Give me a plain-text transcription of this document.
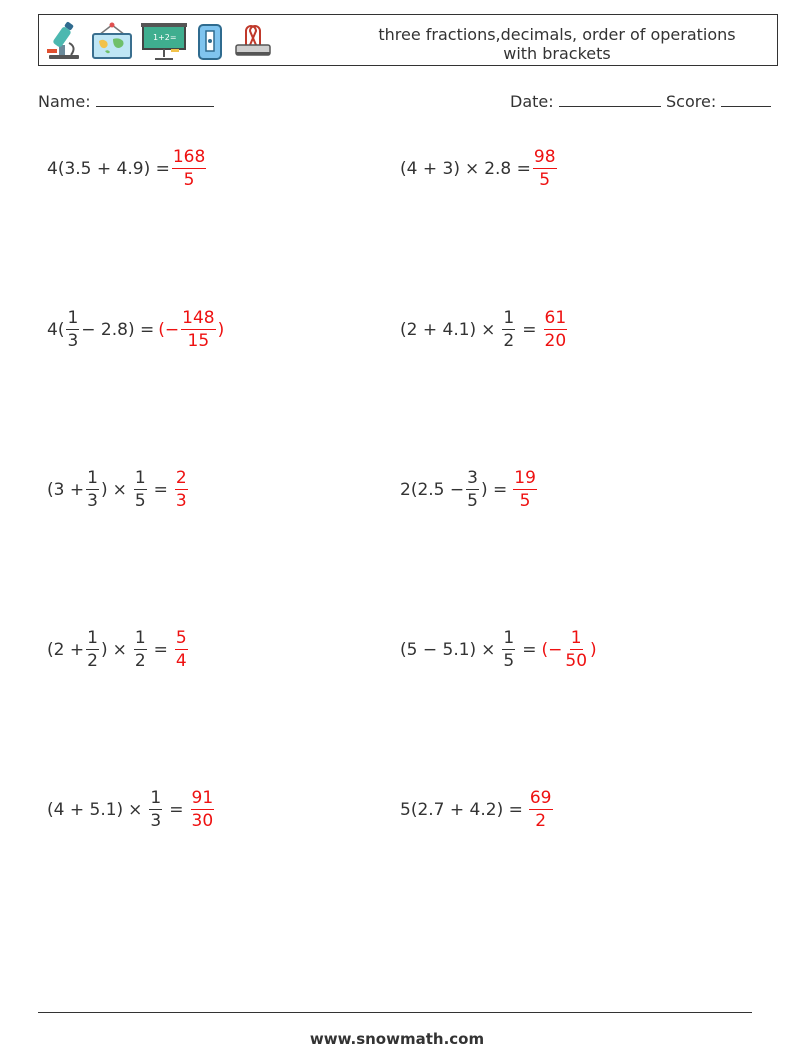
1+2=	three fractions,decimals, order of operations
with brackets
Name:	Date:	Score:
$4(3.5 + 4.9) = \frac{168}{5}$	$(4 + 3) \times 2.8 = \frac{98}{5}$
$4( \frac{1}{3} - 2.8)$ = (− $\frac{148}{15}$ )	$(2 + 4.1) \times \frac{1}{2} = \frac{61}{20}$
($3 + \frac{1}{3}$ ) × $\frac{1}{5} = \frac{2}{3}$	$2(2.5 - \frac{3}{5}$ ) = $\frac{19}{5}$
($2 + \frac{1}{2}$ ) × $\frac{1}{2} = \frac{5}{4}$	$(5 - 5.1) \times \frac{1}{5}$ = (− $\frac{1}{50}$ )
$(4 + 5.1) \times \frac{1}{3} = \frac{91}{30}$	$5(2.7 + 4.2) = \frac{69}{2}$
www.snowmath.com
